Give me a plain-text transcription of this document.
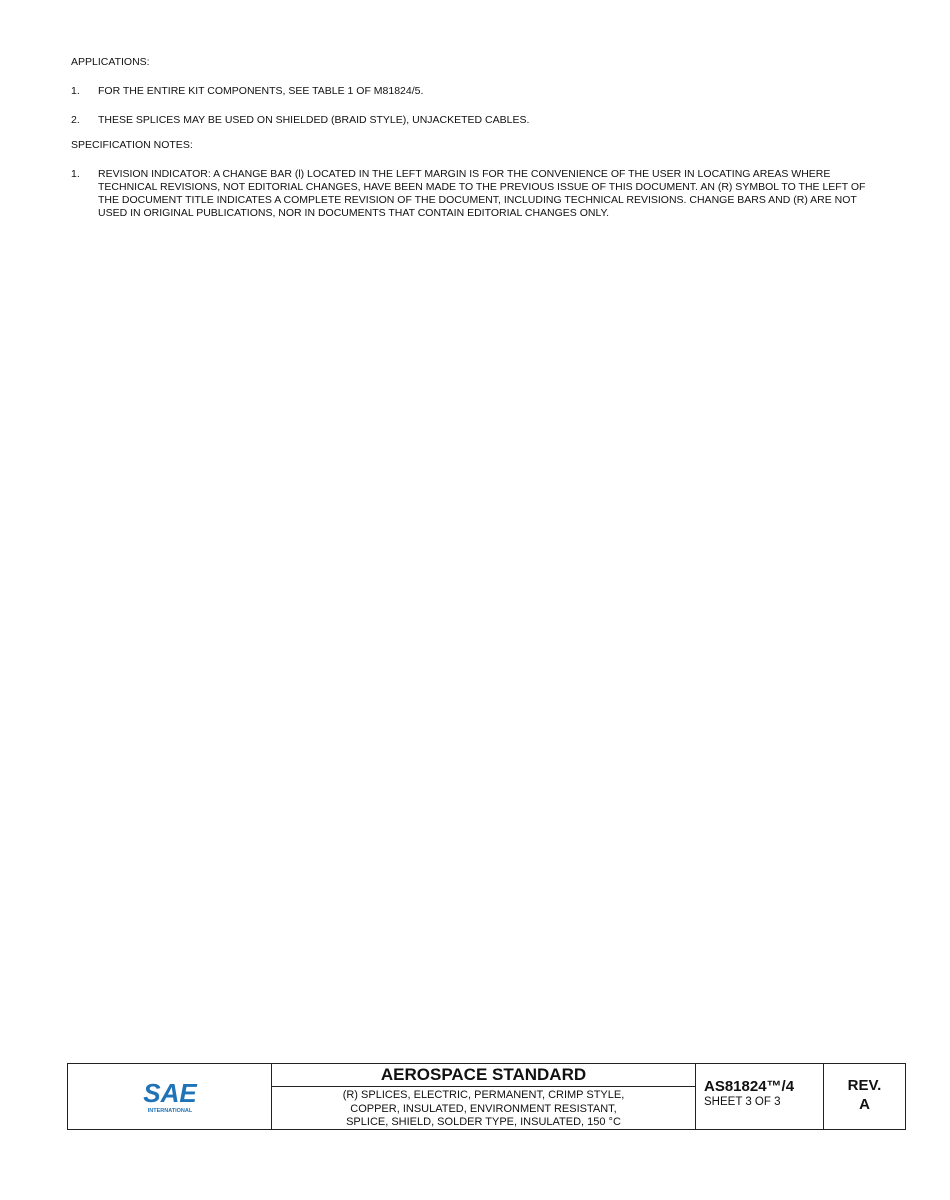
APPLICATIONS:
1.	FOR THE ENTIRE KIT COMPONENTS, SEE TABLE 1 OF M81824/5.
2.	THESE SPLICES MAY BE USED ON SHIELDED (BRAID STYLE), UNJACKETED CABLES.
SPECIFICATION NOTES:
1.	REVISION INDICATOR: A CHANGE BAR (l) LOCATED IN THE LEFT MARGIN IS FOR THE CONVENIENCE OF THE USER IN LOCATING AREAS WHERE TECHNICAL REVISIONS, NOT EDITORIAL CHANGES, HAVE BEEN MADE TO THE PREVIOUS ISSUE OF THIS DOCUMENT. AN (R) SYMBOL TO THE LEFT OF THE DOCUMENT TITLE INDICATES A COMPLETE REVISION OF THE DOCUMENT, INCLUDING TECHNICAL REVISIONS. CHANGE BARS AND (R) ARE NOT USED IN ORIGINAL PUBLICATIONS, NOR IN DOCUMENTS THAT CONTAIN EDITORIAL CHANGES ONLY.
SAE
INTERNATIONAL
AEROSPACE STANDARD
(R) SPLICES, ELECTRIC, PERMANENT, CRIMP STYLE,
COPPER, INSULATED, ENVIRONMENT RESISTANT,
SPLICE, SHIELD, SOLDER TYPE, INSULATED, 150 °C
AS81824™/4
SHEET 3 OF 3
REV.
A
